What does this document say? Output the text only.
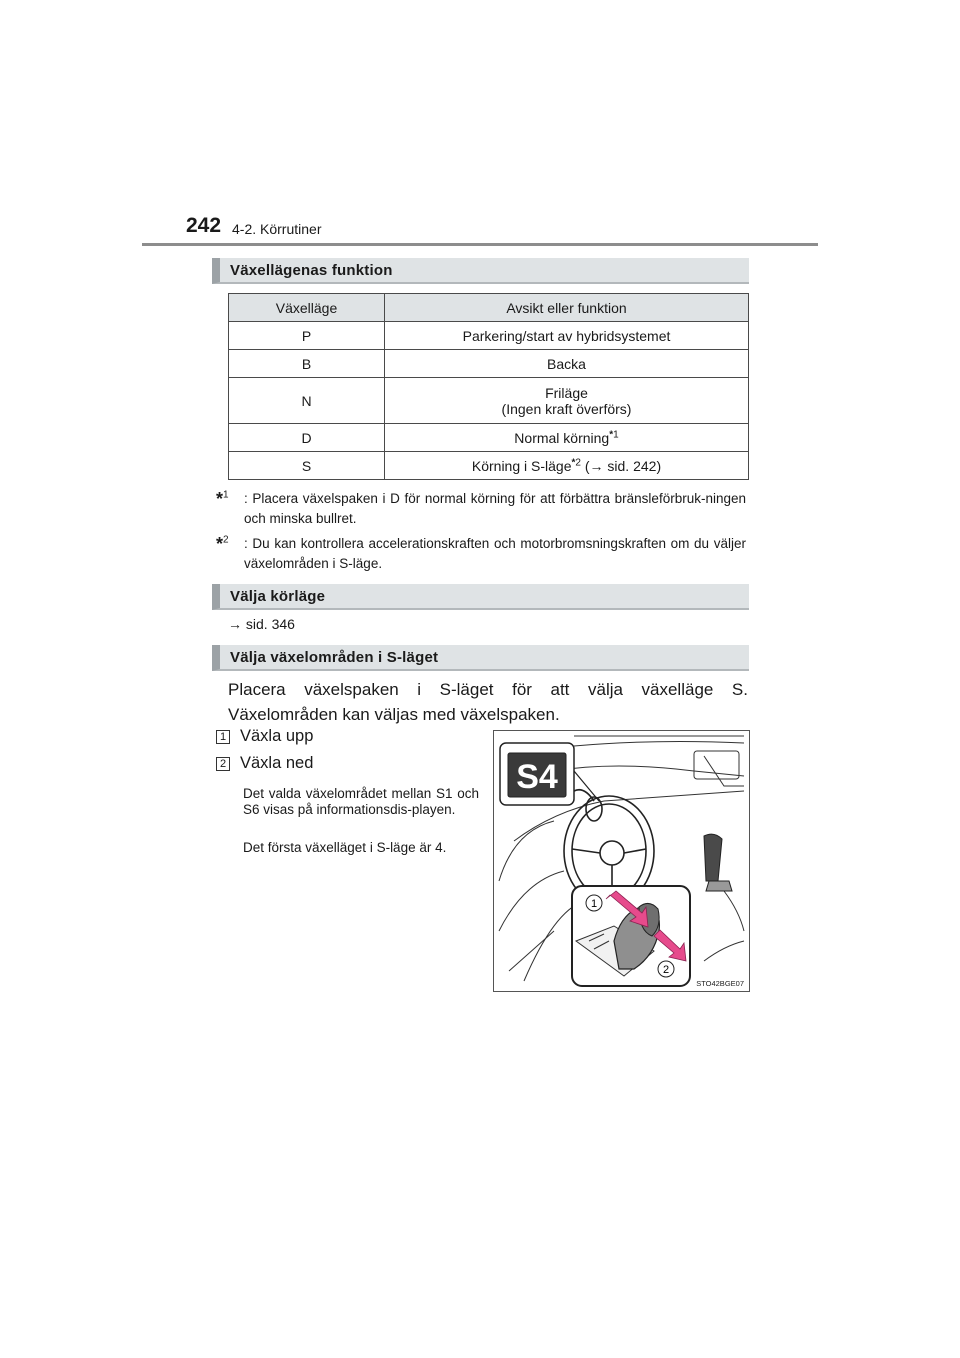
242 4-2. Körrutiner
Växellägenas funktion
Växelläge	Avsikt eller funktion
P	Parkering/start av hybridsystemet
B	Backa
N	Friläge
(Ingen kraft överförs)

D	Normal körning$^{*1}$
S	Körning i S-läge$^{*2}$ (→ sid. 242)
*$^1$	: Placera växelspaken i D för normal körning för att förbättra bränsleförbruk-ningen och minska bullret.
*$^2$	: Du kan kontrollera accelerationskraften och motorbromsningskraften om du väljer växelområden i S-läge.
Välja körläge
→ sid. 346
Välja växelområden i S-läget
Placera växelspaken i S-läget för att välja växelläge S. Växelområden kan väljas med växelspaken.
1 Växla upp
2 Växla ned
Det valda växelområdet mellan S1 och S6 visas på informationsdis-playen.
Det första växelläget i S-läge är 4.
S4
1
2
STO42BGE07
